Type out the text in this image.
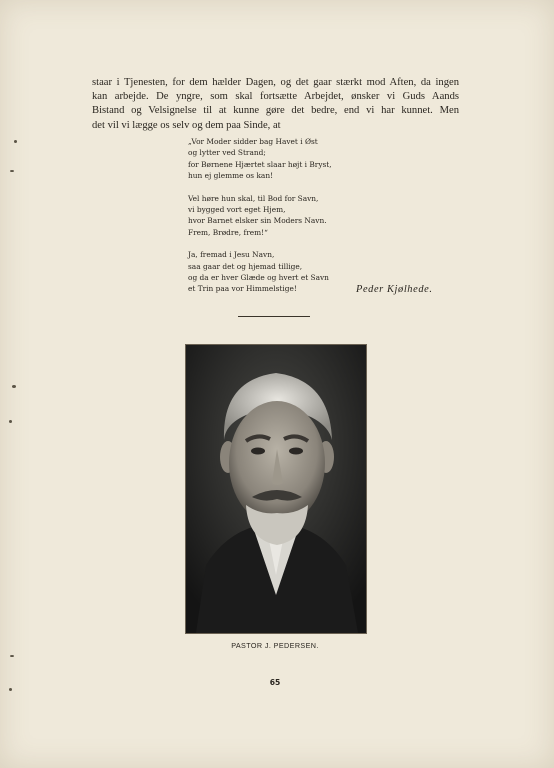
staar i Tjenesten, for dem hælder Dagen, og det gaar stærkt mod Aften, da ingen
kan arbejde. De yngre, som skal fortsætte Arbejdet, ønsker vi Guds Aands
Bistand og Velsignelse til at kunne gøre det bedre, end vi har kunnet. Men
det vil vi lægge os selv og dem paa Sinde, at
„Vor Moder sidder bag Havet i Øst
og lytter ved Strand;
for Børnene Hjærtet slaar højt i Bryst,
hun ej glemme os kan!
Vel høre hun skal, til Bod for Savn,
vi bygged vort eget Hjem,
hvor Barnet elsker sin Moders Navn.
Frem, Brødre, frem!“
Ja, fremad i Jesu Navn,
saa gaar det og hjemad tillige,
og da er hver Glæde og hvert et Savn
et Trin paa vor Himmelstige!	Peder Kjølhede.
PASTOR J. PEDERSEN.
65
